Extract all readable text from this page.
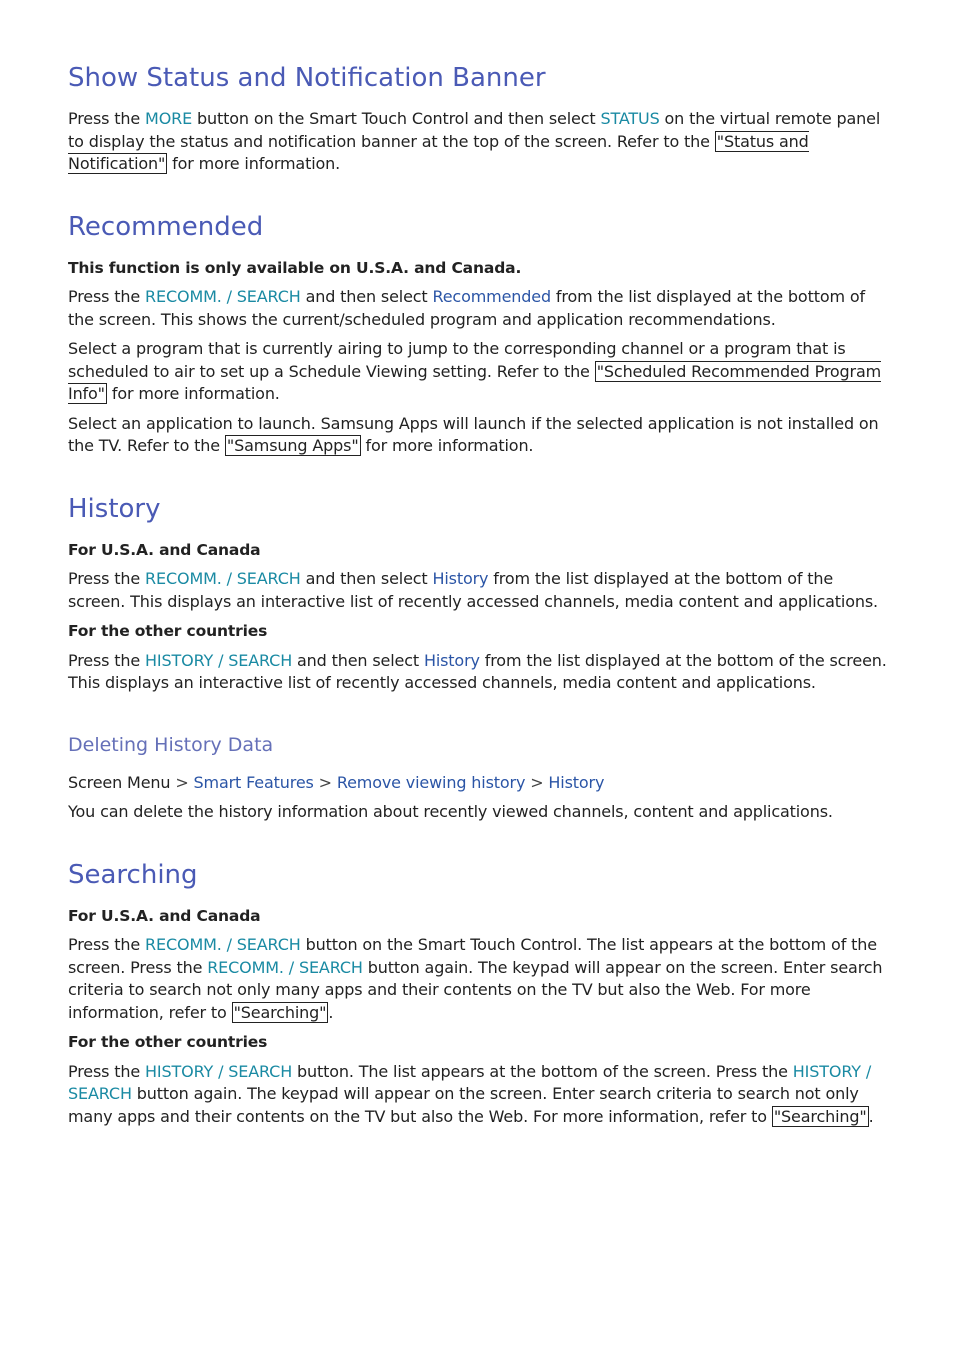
Show Status and Notification Banner

Press the MORE button on the Smart Touch Control and then select STATUS on the virtual remote panel to display the status and notification banner at the top of the screen. Refer to the "Status and Notification" for more information.

Recommended

This function is only available on U.S.A. and Canada.

Press the RECOMM. / SEARCH and then select Recommended from the list displayed at the bottom of the screen. This shows the current/scheduled program and application recommendations.

Select a program that is currently airing to jump to the corresponding channel or a program that is scheduled to air to set up a Schedule Viewing setting. Refer to the "Scheduled Recommended Program Info" for more information.

Select an application to launch. Samsung Apps will launch if the selected application is not installed on the TV. Refer to the "Samsung Apps" for more information.

History

For U.S.A. and Canada

Press the RECOMM. / SEARCH and then select History from the list displayed at the bottom of the screen. This displays an interactive list of recently accessed channels, media content and applications.

For the other countries

Press the HISTORY / SEARCH and then select History from the list displayed at the bottom of the screen. This displays an interactive list of recently accessed channels, media content and applications.

Deleting History Data

Screen Menu > Smart Features > Remove viewing history > History

You can delete the history information about recently viewed channels, content and applications.

Searching

For U.S.A. and Canada

Press the RECOMM. / SEARCH button on the Smart Touch Control. The list appears at the bottom of the screen. Press the RECOMM. / SEARCH button again. The keypad will appear on the screen. Enter search criteria to search not only many apps and their contents on the TV but also the Web. For more information, refer to "Searching" .

For the other countries

Press the HISTORY / SEARCH button. The list appears at the bottom of the screen. Press the HISTORY / SEARCH button again. The keypad will appear on the screen. Enter search criteria to search not only many apps and their contents on the TV but also the Web. For more information, refer to "Searching" .
